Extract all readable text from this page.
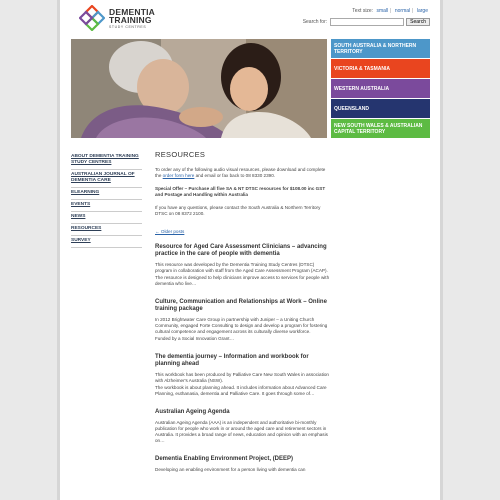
DEMENTIA
TRAINING
STUDY CENTRES
Text size: small | normal | large
Search for:	Search
SOUTH AUSTRALIA & NORTHERN TERRITORY
VICTORIA & TASMANIA
WESTERN AUSTRALIA
QUEENSLAND
NEW SOUTH WALES & AUSTRALIAN CAPITAL TERRITORY
ABOUT DEMENTIA TRAINING STUDY CENTRES
AUSTRALIAN JOURNAL OF DEMENTIA CARE
ELEARNING
EVENTS
NEWS
RESOURCES
SURVEY
RESOURCES

To order any of the following audio visual resources, please download and complete the order form here and email or fax back to 08 8330 2390.

Special Offer – Purchase all five SA & NT DTSC resources for $108.00 inc GST and Postage and Handling within Australia

If you have any questions, please contact the South Australia & Northern Territory DTSC on 08 8372 2100.

← Older posts
Resource for Aged Care Assessment Clinicians – advancing practice in the care of people with dementia

This resource was developed by the Dementia Training Study Centres (DTSC) program in collaboration with staff from the Aged Care Assessment Program (ACAP).

The resource is designed to help clinicians improve access to services for people with dementia who live…

Culture, Communication and Relationships at Work – Online training package

In 2012 Brightwater Care Group in partnership with Juniper – a Uniting Church Community, engaged Forte Consulting to design and develop a program for fostering cultural competence and engagement across its culturally diverse workforce.

Funded by a Social Innovation Grant…

The dementia journey – Information and workbook for planning ahead

This workbook has been produced by Palliative Care New South Wales in association with Alzheimer's Australia (NSW).

The workbook is about planning ahead. It includes information about Advanced Care Planning, euthanasia, dementia and Palliative Care. It goes through some of…

Australian Ageing Agenda

Australian Ageing Agenda (AAA) is an independent and authoritative bi-monthly publication for people who work in or around the aged care and retirement sectors in Australia. It provides a broad range of news, education and opinion with an emphasis on…

Dementia Enabling Environment Project, (DEEP)

Developing an enabling environment for a person living with dementia can
